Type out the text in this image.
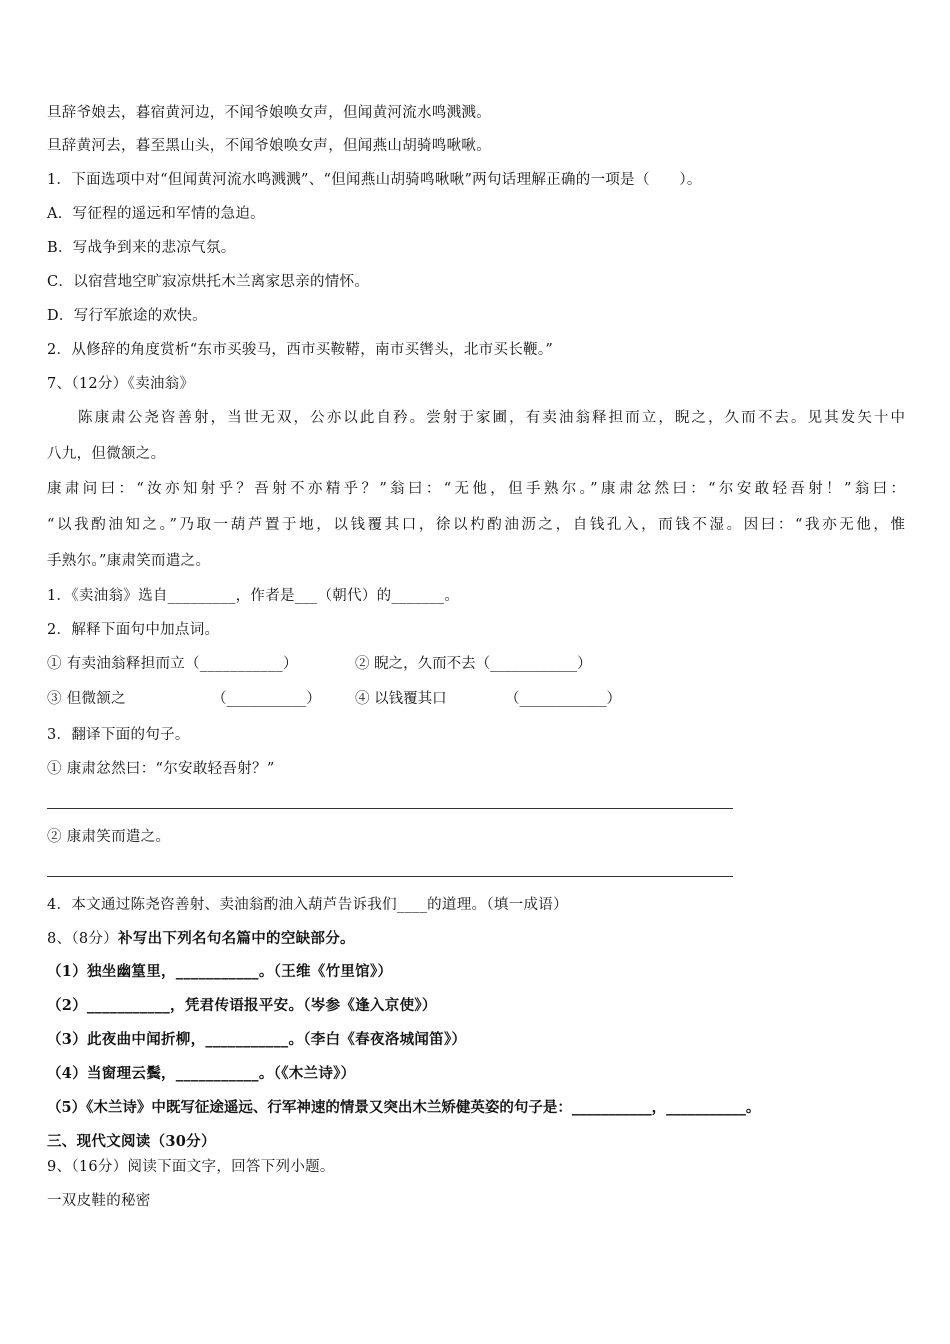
旦辞爷娘去，暮宿黄河边，不闻爷娘唤女声，但闻黄河流水鸣溅溅。
旦辞黄河去，暮至黑山头，不闻爷娘唤女声，但闻燕山胡骑鸣啾啾。
1．下面选项中对“但闻黄河流水鸣溅溅”、“但闻燕山胡骑鸣啾啾”两句话理解正确的一项是（　　）。
A．写征程的遥远和军情的急迫。
B．写战争到来的悲凉气氛。
C．以宿营地空旷寂凉烘托木兰离家思亲的情怀。
D．写行军旅途的欢快。
2．从修辞的角度赏析“东市买骏马，西市买鞍鞯，南市买辔头，北市买长鞭。”
7、（12分）《卖油翁》
陈康肃公尧咨善射，当世无双，公亦以此自矜。尝射于家圃，有卖油翁释担而立，睨之，久而不去。见其发矢十中
八九，但微颔之。
康肃问曰：“汝亦知射乎？吾射不亦精乎？”翁曰：“无他，但手熟尔。”康肃忿然曰：“尔安敢轻吾射！”翁曰：
“以我酌油知之。”乃取一葫芦置于地，以钱覆其口，徐以杓酌油沥之，自钱孔入，而钱不湿。因曰：“我亦无他，惟
手熟尔。”康肃笑而遣之。
1．《卖油翁》选自_________，作者是___（朝代）的_______。
2．解释下面句中加点词。
① 有卖油翁释担而立（___________）	② 睨之，久而不去（____________）
③ 但微颔之	（___________） ④ 以钱覆其口	（____________）
3．翻译下面的句子。
① 康肃忿然曰：“尔安敢轻吾射？”
② 康肃笑而遣之。
4．本文通过陈尧咨善射、卖油翁酌油入葫芦告诉我们____的道理。（填一成语）
8、（8分）补写出下列名句名篇中的空缺部分。
（1）独坐幽篁里，___________。（王维《竹里馆》）
（2）___________，凭君传语报平安。（岑参《逢入京使》）
（3）此夜曲中闻折柳，___________。（李白《春夜洛城闻笛》）
（4）当窗理云鬓，___________。（《木兰诗》）
（5）《木兰诗》中既写征途遥远、行军神速的情景又突出木兰矫健英姿的句子是：___________，___________。
三、现代文阅读（30分）
9、（16分）阅读下面文字，回答下列小题。
一双皮鞋的秘密
